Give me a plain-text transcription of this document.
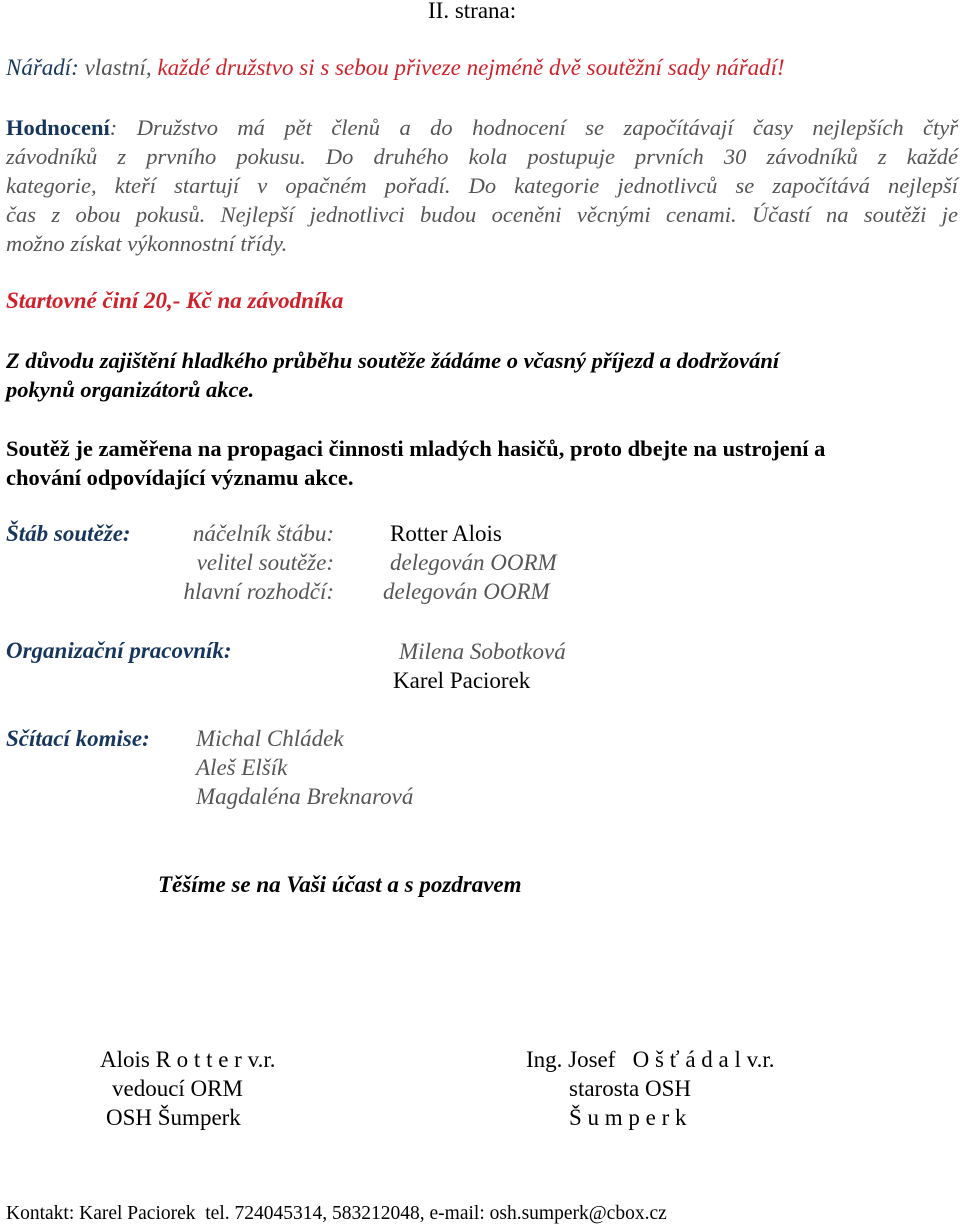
II. strana:
Nářadí: vlastní, každé družstvo si s sebou přiveze nejméně dvě soutěžní sady nářadí!
Hodnocení: Družstvo má pět členů a do hodnocení se započítávají časy nejlepších čtyř
závodníků z prvního pokusu. Do druhého kola postupuje prvních 30 závodníků z každé
kategorie, kteří startují v opačném pořadí. Do kategorie jednotlivců se započítává nejlepší
čas z obou pokusů. Nejlepší jednotlivci budou oceněni věcnými cenami. Účastí na soutěži je
možno získat výkonnostní třídy.
Startovné činí 20,- Kč na závodníka
Z důvodu zajištění hladkého průběhu soutěže žádáme o včasný příjezd a dodržování
pokynů organizátorů akce.
Soutěž je zaměřena na propagaci činnosti mladých hasičů, proto dbejte na ustrojení a
chování odpovídající významu akce.
Štáb soutěže:	náčelník štábu: Rotter Alois
velitel soutěže: delegován OORM
hlavní rozhodčí: delegován OORM
Organizační pracovník:	Milena Sobotková
Karel Paciorek
Sčítací komise: Michal Chládek
Aleš Elšík
Magdaléna Breknarová
Těšíme se na Vaši účast a s pozdravem
Alois R o t t e r v.r.
vedoucí ORM
OSH Šumperk
Ing. Josef   O š ť á d a l v.r.
starosta OSH
Š u m p e r k
Kontakt: Karel Paciorek  tel. 724045314, 583212048, e-mail: osh.sumperk@cbox.cz
